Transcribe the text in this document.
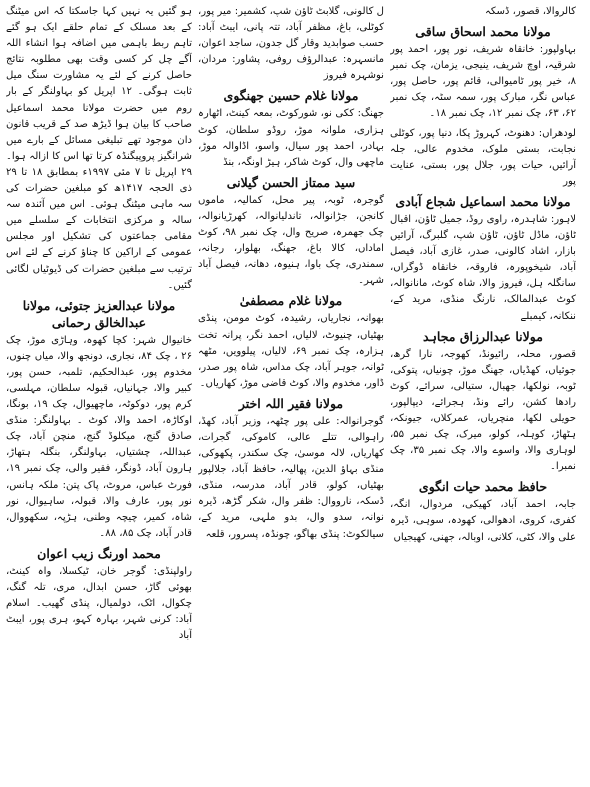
ہو گئیں یہ نہیں کہا جاسکتا کہ اس میٹنگ کے بعد مسلک کے تمام حلقے ایک ہو گئے تاہم ربط باہمی میں اضافہ ہوا انشاء اللہ آگے چل کر کسی وقت بھی مطلوبہ نتائج حاصل کرنے کے لئے یہ مشاورت سنگ میل ثابت ہوگی۔ ۱۲ اپریل کو بہاولنگر کے بار روم میں حضرت مولانا محمد اسماعیل صاحب کا بیان ہوا ڈیڑھ صد کے قریب قانون دان موجود تھے تبلیغی مسائل کے بارے میں شرانگیز پروپیگنڈہ کرتا تھا اس کا ازالہ ہوا۔ ۲۹ اپریل تا ۷ مئی ۱۹۹۷ء بمطابق ۱۸ تا ۲۹ ذی الحجہ ۱۴۱۷ھ کو مبلغین حضرات کی سہ ماہی میٹنگ ہوئی۔ اس میں آئندہ سہ سالہ و مرکزی انتخابات کے سلسلے میں مقامی جماعتوں کی تشکیل اور مجلس عمومی کے اراکین کا چناؤ کرنے کے لئے اس ترتیب سے مبلغین حضرات کی ڈیوٹیاں لگائی گئیں۔
مولانا عبدالعزیز جتوئی، مولانا عبدالخالق رحمانی
خانیوال شہر: کچا کھوہ، وہاڑی موڑ، چک ۲۶ ، چک ۸۴، نجاری، دونجھ والا، میاں چنوں، مخدوم پور، عبدالحکیم، تلمبہ، حسن پور، کبیر والا، جہانیاں، قبولہ سلطان، مہلسی، کرم پور، دوکوٹہ، ماچھیوال، چک ۱۹، بونگا، اوکاڑہ، احمد والا، کوٹ ۔ بہاولنگر: منڈی صادق گنج، میکلوڈ گنج، منچن آباد، چک عبداللہ، چشتیاں، بہاولنگر، بنگلہ ہتھاڑ، ہارون آباد، ڈونگر، فقیر والی، چک نمبر ۱۹، فورٹ عباس، مروٹ، پاک پتن: ملکہ ہانس، نور پور، عارف والا، قبولہ، ساہیوال، نور شاہ، کمیر، چیچہ وطنی، ہڑپہ، سکھووال، قادر آباد، چک ۸۵، ۸۸۔
محمد اورنگ زیب اعوان
راولپنڈی: گوجر خان، ٹیکسلا، واہ کینٹ، بھوئی گاڑ، حسن ابدال، مری، تلہ گنگ، چکوال، اٹک، دولمیال، پنڈی گھیب۔ اسلام آباد: کرنی شہر، بہارہ کہو، ہری پور، ایبٹ آباد
ل کالونی، گلابٹ ٹاؤن شپ، کشمیر: میر پور، کوٹلی، باغ، مظفر آباد، تتہ پانی، ایبٹ آباد: حسب صوابدید وقار گل جدون، ساجد اعوان، مانسہرہ: عبدالرؤف روفی، پشاور: مردان، نوشہرہ فیروز
مولانا غلام حسین جھنگوی
جھنگ: ککی نو، شورکوٹ، بمعہ کینٹ، اٹھارہ ہزاری، ملوانہ موڑ، روڈو سلطان، کوٹ بہادر، احمد پور سیال، واسو، اڈاوالہ موڑ، ماچھی وال، کوٹ شاکر، ہیڑ اونگہ، بنڈ
سید ممتاز الحسن گیلانی
گوجرہ، ٹوبہ، پیر محل، کمالیہ، ماموں کانجن، جڑانوالہ، تاندلیانوالہ، کھرڑیانوالہ، چک جھمرہ، صریح وال، چک نمبر ۹۸، کوٹ اماداں، کالا باغ، جھنگ، بھلوار، رجانہ، سمندری، چک باوا، ہنیوہ، دھانہ، فیصل آباد شہر۔
مولانا غلام مصطفیٰ
بھوانہ، نجاریاں، رشیدہ، کوٹ مومن، پنڈی بھٹیاں، چنیوٹ، لالیاں، احمد نگر، پرانہ تخت ہزارہ، چک نمبر ۶۹، لالیاں، پیلوویں، مٹھہ ٹوانہ، جوہر آباد، چک مداس، شاہ پور صدر، ڈاور، مخدوم والا، کوٹ قاضی موڑ، کھاریاں۔
مولانا فقیر اللہ اختر
گوجرانوالہ: علی پور چٹھہ، وزیر آباد، کھڈ، راہوالی، تتلے عالی، کاموکی، گجرات، کھاریاں، لالہ موسیٰ، چک سکندر، پکھوکی، منڈی بہاؤ الدین، پھالیہ، حافظ آباد، جلالپور بھٹیاں، کولو، قادر آباد، مدرسہ، منڈی، ڈسکہ، نارووال: ظفر وال، شکر گڑھ، ڈیرہ نوانہ، سدو وال، بدو ملہی، مرید کے، سیالکوٹ: پنڈی بھاگو، چونڈہ، پسرور، قلعہ
کالروالا، قصور، ڈسکہ
مولانا محمد اسحاق ساقی
بہاولپور: خانقاہ شریف، نور پور، احمد پور شرقیہ، اوچ شریف، ینیجی، یزمان، چک نمبر ۸، خیر پور ٹامیوالی، قائم پور، حاصل پور، عباس نگر، مبارک پور، سمہ سٹہ، چک نمبر ۶۲، ۶۳، چک نمبر ۱۲، چک نمبر ۱۸۔
لودھراں: دھنوٹ، کہروڑ پکا، دنیا پور، کوٹلی نجابت، بستی ملوک، مخدوم عالی، جلہ آرائیں، حیات پور، جلال پور، بستی، عنایت پور
مولانا محمد اسماعیل شجاع آبادی
لاہور: شاہدرہ، راوی روڈ، جمیل ٹاؤن، اقبال ٹاؤن، ماڈل ٹاؤن، ٹاؤن شپ، گلبرگ، آرائیں بازار، اشاد کالونی، صدر، غازی آباد، فیصل آباد، شیخوپورہ، فاروقہ، خانقاہ ڈوگراں، سانگلہ ہل، فیروز والا، شاہ کوٹ، مانانوالہ، کوٹ عبدالمالک، نارنگ منڈی، مرید کے، ننکانہ، کیمبلے
مولانا عبدالرزاق مجاہد
قصور، محلہ، رائیونڈ، کھوجہ، نارا گرھ، جوئیاں، کھڈیاں، جھنگ موڑ، چونیاں، پتوکی، ٹوبہ، نولکھا، جھبال، ستیالی، سرائے، کوٹ رادھا کشن، رائے ونڈ، ہجرائے، دیپالپور، حویلی لکھا، منچریاں، عمرکلاں، جیونکہ، ہٹھاڑ، کوہلہ، کولو، میرک، چک نمبر ۵۵، لوہاری والا، واسوے والا، چک نمبر ۳۵، چک نمبرا۔
حافظ محمد حیات انگوی
جابہ، احمد آباد، کھیکی، مردوال، انگہ، کفری، کروی، ادھوالی، کھودہ، سوہی، ڈیرہ علی والا، کٹی، کلانی، اوبالہ، جھنی، کھیجیاں
